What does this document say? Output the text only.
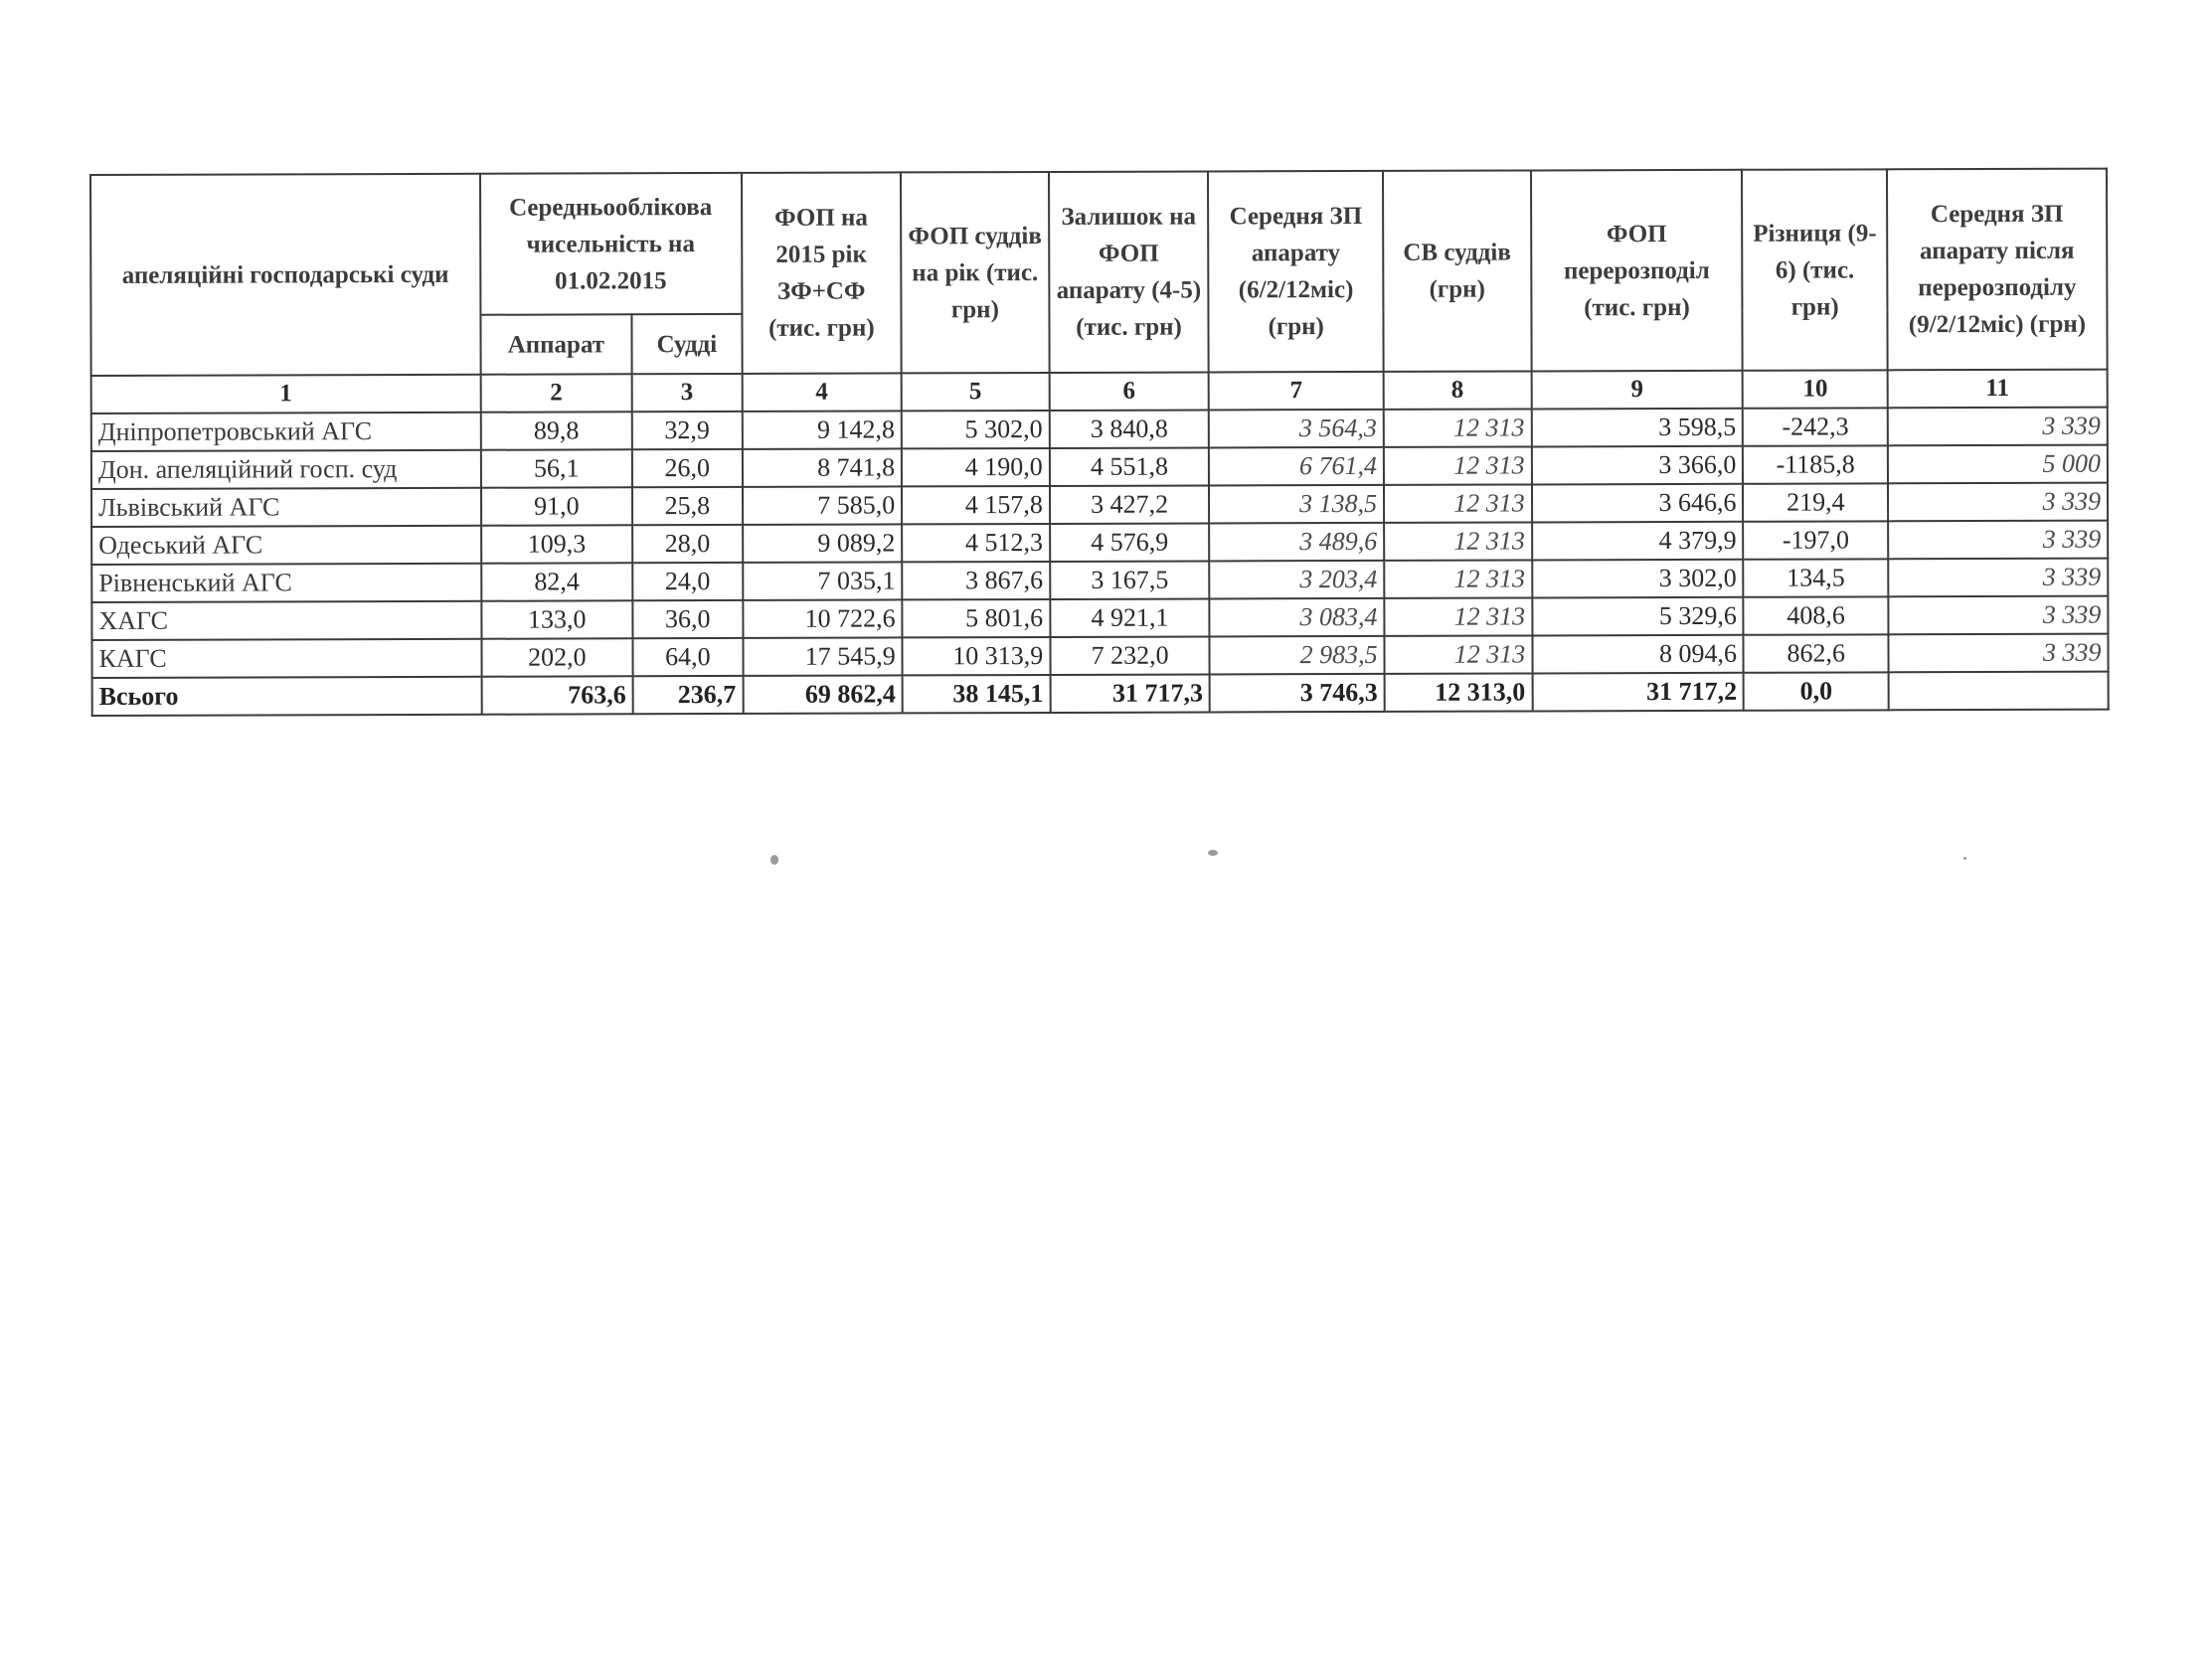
апеляційні господарські суди	Середньооблікова чисельність на 01.02.2015		ФОП на 2015 рік ЗФ+СФ (тис. грн)	ФОП суддів на рік (тис. грн)	Залишок на ФОП апарату (4-5) (тис. грн)	Середня ЗП апарату (6/2/12міс) (грн)	СВ суддів (грн)	ФОП перерозподіл (тис. грн)	Різниця (9-6) (тис. грн)	Середня ЗП апарату після перерозподілу (9/2/12міс) (грн)
	Аппарат	Судді								
1	2	3	4	5	6	7	8	9	10	11
Дніпропетровський АГС	89,8	32,9	9 142,8	5 302,0	3 840,8	3 564,3	12 313	3 598,5	-242,3	3 339
Дон. апеляційний госп. суд	56,1	26,0	8 741,8	4 190,0	4 551,8	6 761,4	12 313	3 366,0	-1185,8	5 000
Львівський АГС	91,0	25,8	7 585,0	4 157,8	3 427,2	3 138,5	12 313	3 646,6	219,4	3 339
Одеський АГС	109,3	28,0	9 089,2	4 512,3	4 576,9	3 489,6	12 313	4 379,9	-197,0	3 339
Рівненський АГС	82,4	24,0	7 035,1	3 867,6	3 167,5	3 203,4	12 313	3 302,0	134,5	3 339
ХАГС	133,0	36,0	10 722,6	5 801,6	4 921,1	3 083,4	12 313	5 329,6	408,6	3 339
КАГС	202,0	64,0	17 545,9	10 313,9	7 232,0	2 983,5	12 313	8 094,6	862,6	3 339
Всього	763,6	236,7	69 862,4	38 145,1	31 717,3	3 746,3	12 313,0	31 717,2	0,0	
